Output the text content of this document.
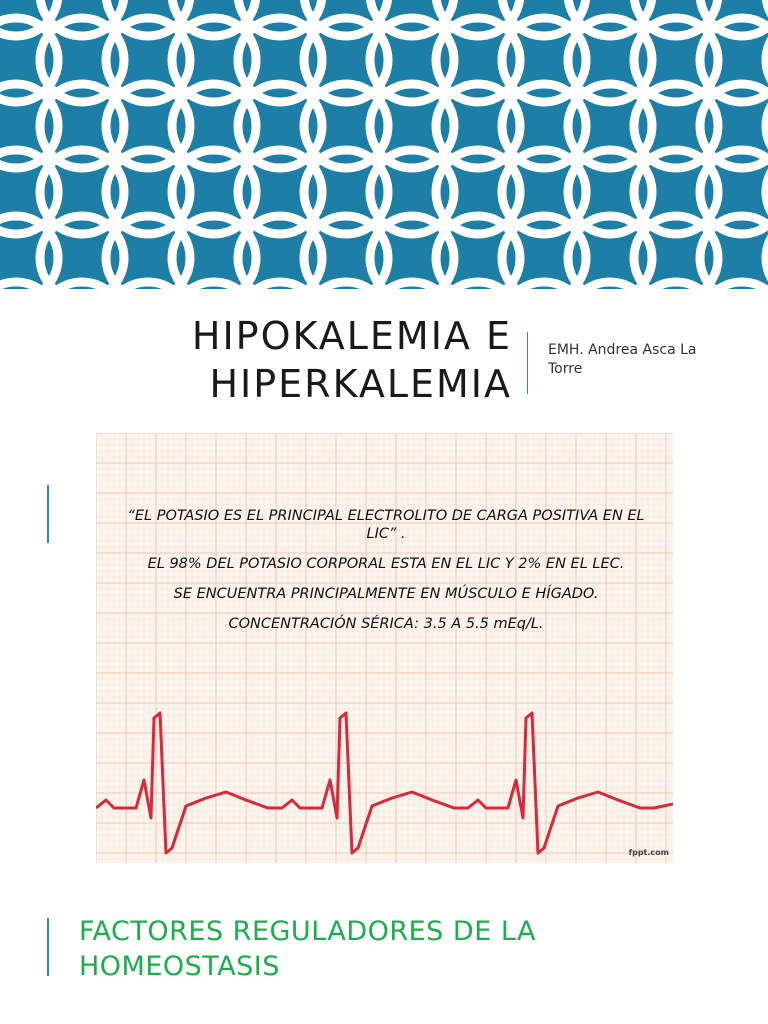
HIPOKALEMIA E
HIPERKALEMIA
EMH. Andrea Asca La
Torre

“EL POTASIO ES EL PRINCIPAL ELECTROLITO DE CARGA POSITIVA EN EL LIC” .

EL 98% DEL POTASIO CORPORAL ESTA EN EL LIC Y 2% EN EL LEC.

SE ENCUENTRA PRINCIPALMENTE EN MÚSCULO E HÍGADO.

CONCENTRACIÓN SÉRICA: 3.5 A 5.5 mEq/L.

fppt.com
FACTORES REGULADORES DE LA
HOMEOSTASIS
